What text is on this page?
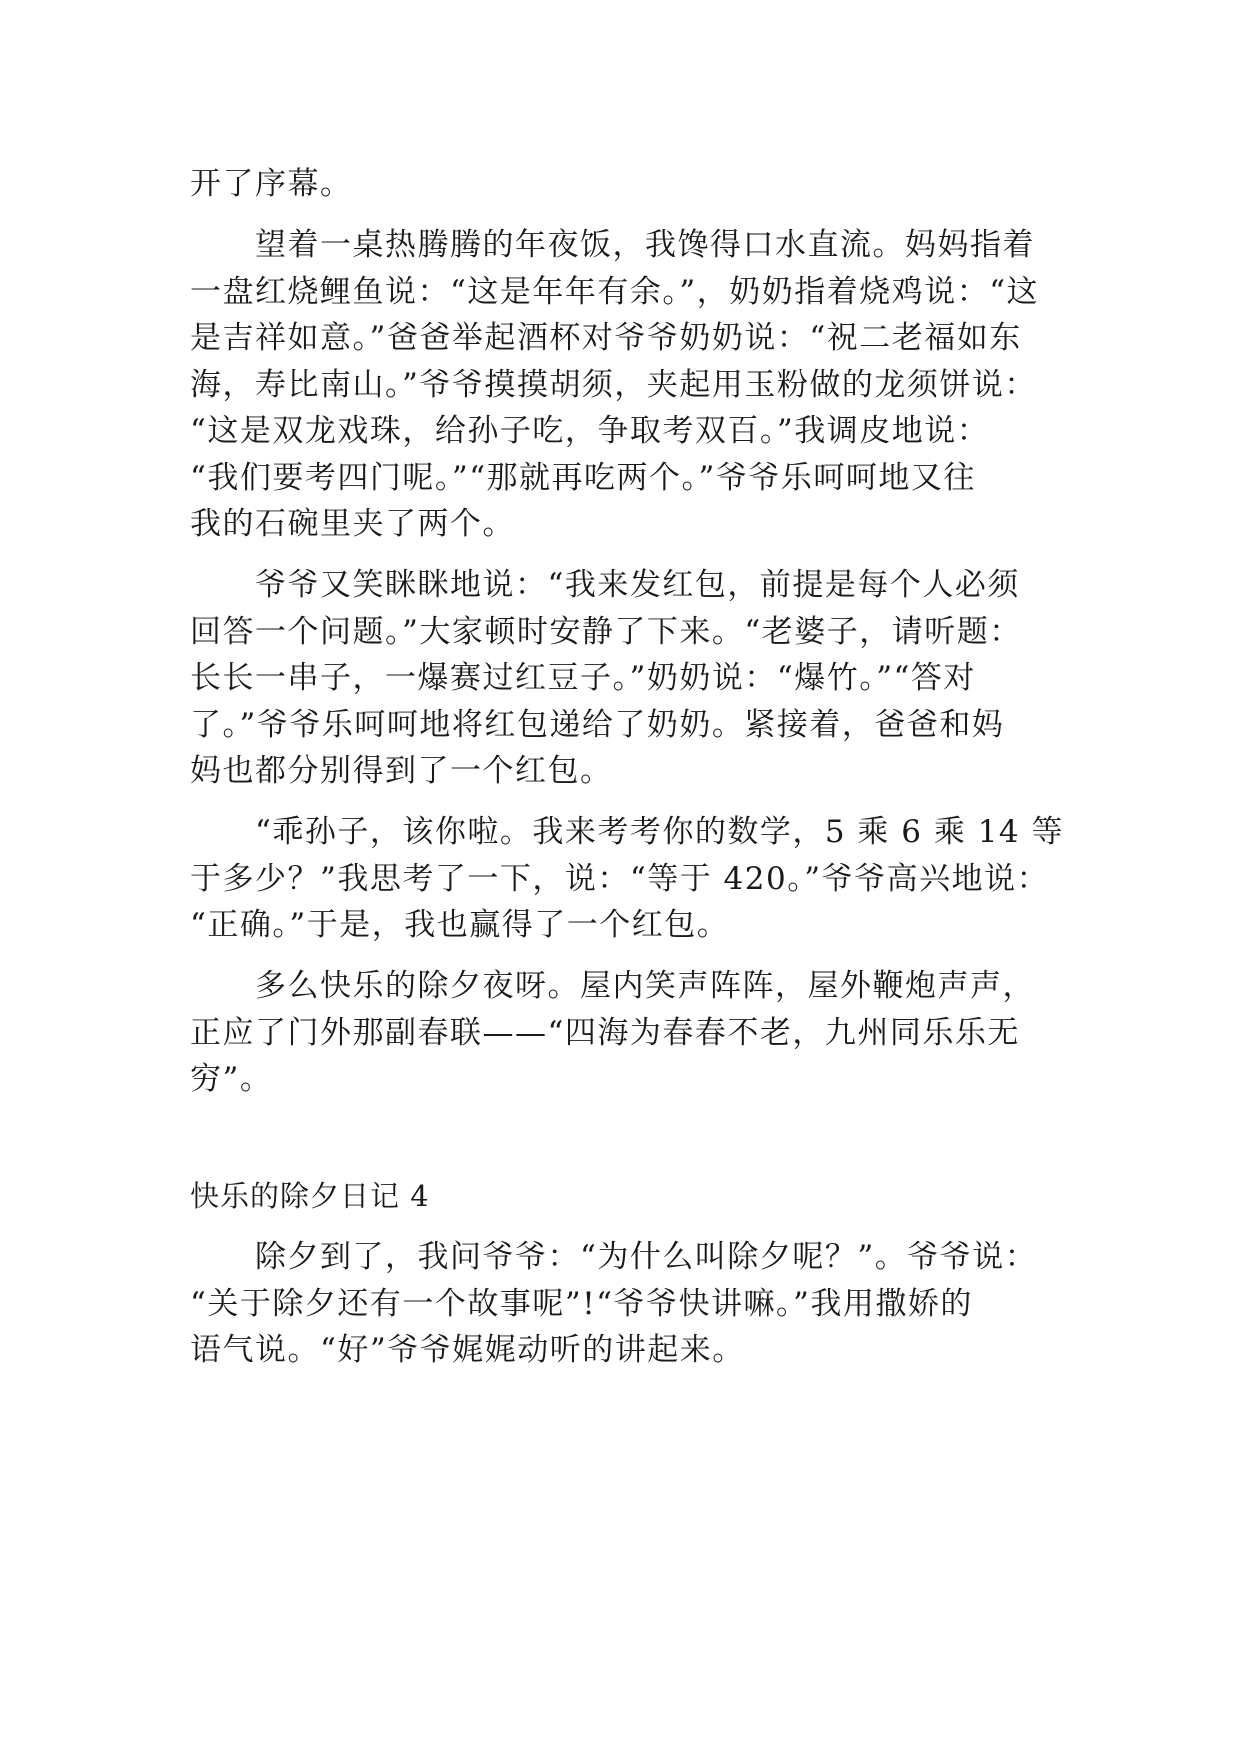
开了序幕。

望着一桌热腾腾的年夜饭，我馋得口水直流。妈妈指着

一盘红烧鲤鱼说：“这是年年有余。”，奶奶指着烧鸡说：“这

是吉祥如意。”爸爸举起酒杯对爷爷奶奶说：“祝二老福如东

海，寿比南山。”爷爷摸摸胡须，夹起用玉粉做的龙须饼说：

“这是双龙戏珠，给孙子吃，争取考双百。”我调皮地说：

“我们要考四门呢。”“那就再吃两个。”爷爷乐呵呵地又往

我的石碗里夹了两个。

爷爷又笑眯眯地说：“我来发红包，前提是每个人必须

回答一个问题。”大家顿时安静了下来。“老婆子，请听题：

长长一串子，一爆赛过红豆子。”奶奶说：“爆竹。”“答对

了。”爷爷乐呵呵地将红包递给了奶奶。紧接着，爸爸和妈

妈也都分别得到了一个红包。

“乖孙子，该你啦。我来考考你的数学，5 乘 6 乘 14 等

于多少？”我思考了一下，说：“等于 420。”爷爷高兴地说：

“正确。”于是，我也赢得了一个红包。

多么快乐的除夕夜呀。屋内笑声阵阵，屋外鞭炮声声，

正应了门外那副春联——“四海为春春不老，九州同乐乐无

穷”。

快乐的除夕日记 4

除夕到了，我问爷爷：“为什么叫除夕呢？”。爷爷说：

“关于除夕还有一个故事呢”!“爷爷快讲嘛。”我用撒娇的

语气说。“好”爷爷娓娓动听的讲起来。
